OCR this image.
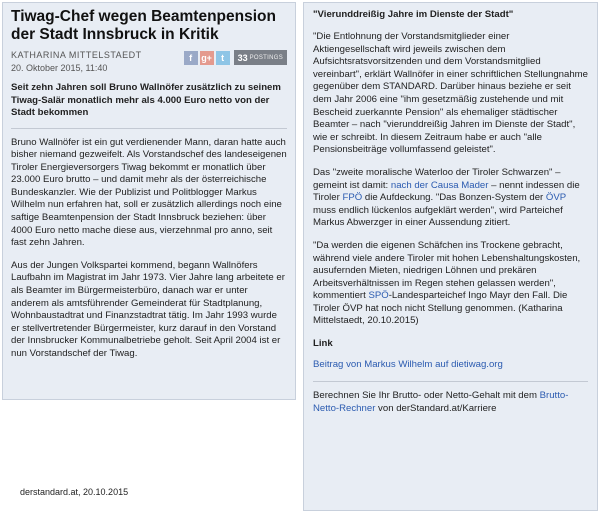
Tiwag-Chef wegen Beamtenpension der Stadt Innsbruck in Kritik
KATHARINA MITTELSTAEDT
20. Oktober 2015, 11:40
f	g+	t	33 POSTINGS

Seit zehn Jahren soll Bruno Wallnöfer zusätzlich zu seinem Tiwag-Salär monatlich mehr als 4.000 Euro netto von der Stadt bekommen

Bruno Wallnöfer ist ein gut verdienender Mann, daran hatte auch bisher niemand gezweifelt. Als Vorstandschef des landeseigenen Tiroler Energieversorgers Tiwag bekommt er monatlich über 23.000 Euro brutto – und damit mehr als der österreichische Bundeskanzler. Wie der Publizist und Politblogger Markus Wilhelm nun erfahren hat, soll er zusätzlich allerdings noch eine saftige Beamtenpension der Stadt Innsbruck beziehen: über 4000 Euro netto mache diese aus, vierzehnmal pro anno, seit fast zehn Jahren.

Aus der Jungen Volkspartei kommend, begann Wallnöfers Laufbahn im Magistrat im Jahr 1973. Vier Jahre lang arbeitete er als Beamter im Bürgermeisterbüro, danach war er unter anderem als amtsführender Gemeinderat für Stadtplanung, Wohnbaustadtrat und Finanzstadtrat tätig. Im Jahr 1993 wurde er stellvertretender Bürgermeister, kurz darauf in den Vorstand der Innsbrucker Kommunalbetriebe geholt. Seit April 2004 ist er nun Vorstandschef der Tiwag.

derstandard.at, 20.10.2015
"Vierunddreißig Jahre im Dienste der Stadt"

"Die Entlohnung der Vorstandsmitglieder einer Aktiengesellschaft wird jeweils zwischen dem Aufsichtsratsvorsitzenden und dem Vorstandsmitglied vereinbart", erklärt Wallnöfer in einer schriftlichen Stellungnahme gegenüber dem STANDARD. Darüber hinaus beziehe er seit dem Jahr 2006 eine "ihm gesetzmäßig zustehende und mit Bescheid zuerkannte Pension" als ehemaliger städtischer Beamter – nach "vierunddreißig Jahren im Dienste der Stadt", wie er schreibt. In diesem Zeitraum habe er auch "alle Pensionsbeiträge vollumfassend geleistet".

Das "zweite moralische Waterloo der Tiroler Schwarzen" – gemeint ist damit: nach der Causa Mader – nennt indessen die Tiroler FPÖ die Aufdeckung. "Das Bonzen-System der ÖVP muss endlich lückenlos aufgeklärt werden", wird Parteichef Markus Abwerzger in einer Aussendung zitiert.

"Da werden die eigenen Schäfchen ins Trockene gebracht, während viele andere Tiroler mit hohen Lebenshaltungskosten, ausufernden Mieten, niedrigen Löhnen und prekären Arbeitsverhältnissen im Regen stehen gelassen werden", kommentiert SPÖ-Landesparteichef Ingo Mayr den Fall. Die Tiroler ÖVP hat noch nicht Stellung genommen. (Katharina Mittelstaedt, 20.10.2015)

Link
Beitrag von Markus Wilhelm auf dietiwag.org

Berechnen Sie Ihr Brutto- oder Netto-Gehalt mit dem Brutto-Netto-Rechner von derStandard.at/Karriere
